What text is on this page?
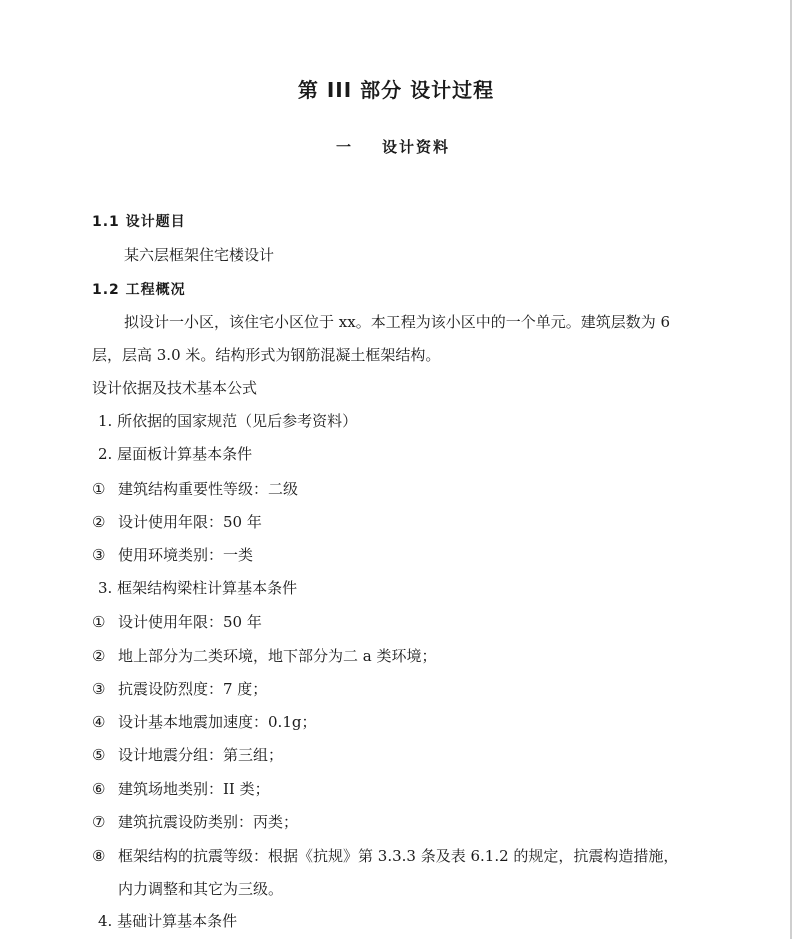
第 III 部分 设计过程
一 设计资料
1.1 设计题目
某六层框架住宅楼设计
1.2 工程概况
拟设计一小区，该住宅小区位于 xx。本工程为该小区中的一个单元。建筑层数为 6
层，层高 3.0 米。结构形式为钢筋混凝土框架结构。
设计依据及技术基本公式
1. 所依据的国家规范（见后参考资料）
2. 屋面板计算基本条件
① 建筑结构重要性等级：二级
② 设计使用年限：50 年
③ 使用环境类别：一类
3. 框架结构梁柱计算基本条件
① 设计使用年限：50 年
② 地上部分为二类环境，地下部分为二 a 类环境；
③ 抗震设防烈度：7 度；
④ 设计基本地震加速度：0.1g；
⑤ 设计地震分组：第三组；
⑥ 建筑场地类别：II 类；
⑦ 建筑抗震设防类别：丙类；
⑧ 框架结构的抗震等级：根据《抗规》第 3.3.3 条及表 6.1.2 的规定，抗震构造措施，
内力调整和其它为三级。
4. 基础计算基本条件
